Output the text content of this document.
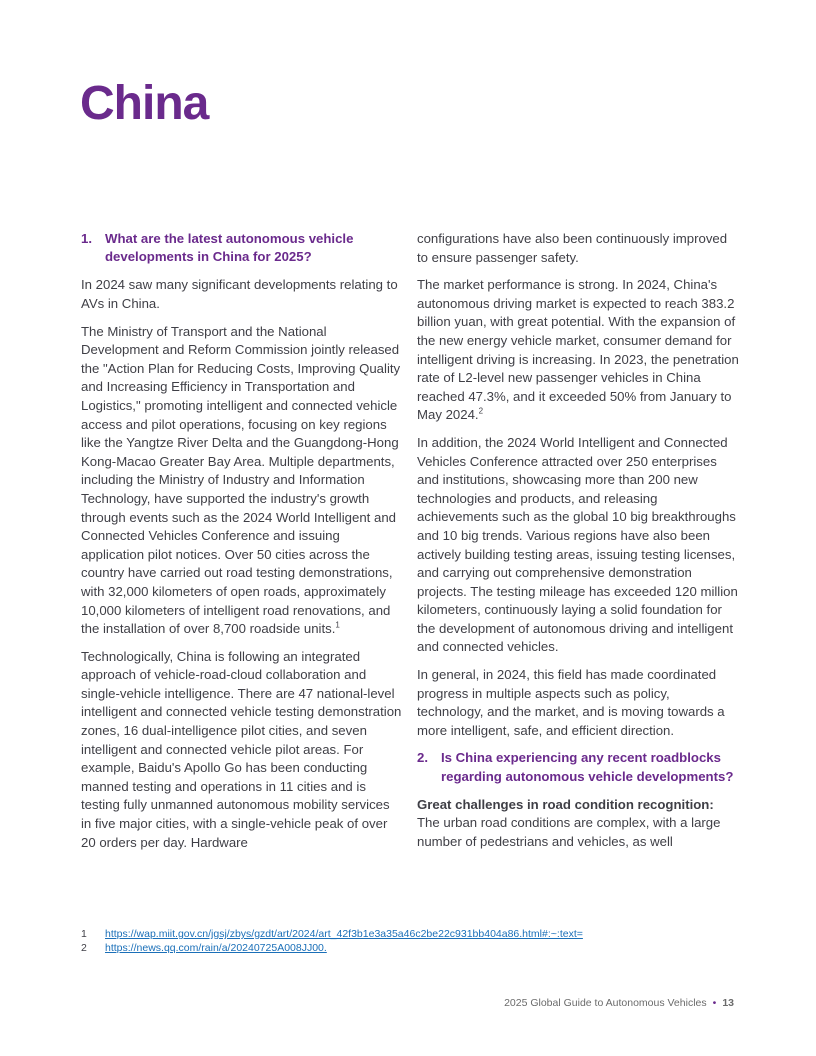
China
1. What are the latest autonomous vehicle developments in China for 2025?

In 2024 saw many significant developments relating to AVs in China.

The Ministry of Transport and the National Development and Reform Commission jointly released the "Action Plan for Reducing Costs, Improving Quality and Increasing Efficiency in Transportation and Logistics," promoting intelligent and connected vehicle access and pilot operations, focusing on key regions like the Yangtze River Delta and the Guangdong-Hong Kong-Macao Greater Bay Area. Multiple departments, including the Ministry of Industry and Information Technology, have supported the industry's growth through events such as the 2024 World Intelligent and Connected Vehicles Conference and issuing application pilot notices. Over 50 cities across the country have carried out road testing demonstrations, with 32,000 kilometers of open roads, approximately 10,000 kilometers of intelligent road renovations, and the installation of over 8,700 roadside units.$^1$

Technologically, China is following an integrated approach of vehicle-road-cloud collaboration and single-vehicle intelligence. There are 47 national-level intelligent and connected vehicle testing demonstration zones, 16 dual-intelligence pilot cities, and seven intelligent and connected vehicle pilot areas. For example, Baidu's Apollo Go has been conducting manned testing and operations in 11 cities and is testing fully unmanned autonomous mobility services in five major cities, with a single-vehicle peak of over 20 orders per day. Hardware

configurations have also been continuously improved to ensure passenger safety.

The market performance is strong. In 2024, China's autonomous driving market is expected to reach 383.2 billion yuan, with great potential. With the expansion of the new energy vehicle market, consumer demand for intelligent driving is increasing. In 2023, the penetration rate of L2-level new passenger vehicles in China reached 47.3%, and it exceeded 50% from January to May 2024.$^2$

In addition, the 2024 World Intelligent and Connected Vehicles Conference attracted over 250 enterprises and institutions, showcasing more than 200 new technologies and products, and releasing achievements such as the global 10 big breakthroughs and 10 big trends. Various regions have also been actively building testing areas, issuing testing licenses, and carrying out comprehensive demonstration projects. The testing mileage has exceeded 120 million kilometers, continuously laying a solid foundation for the development of autonomous driving and intelligent and connected vehicles.

In general, in 2024, this field has made coordinated progress in multiple aspects such as policy, technology, and the market, and is moving towards a more intelligent, safe, and efficient direction.

2. Is China experiencing any recent roadblocks regarding autonomous vehicle developments?

Great challenges in road condition recognition:
The urban road conditions are complex, with a large number of pedestrians and vehicles, as well

1	https://wap.miit.gov.cn/jgsj/zbys/gzdt/art/2024/art_42f3b1e3a35a46c2be22c931bb404a86.html#:~:text=
2	https://news.qq.com/rain/a/20240725A008JJ00.
2025 Global Guide to Autonomous Vehicles • 13
